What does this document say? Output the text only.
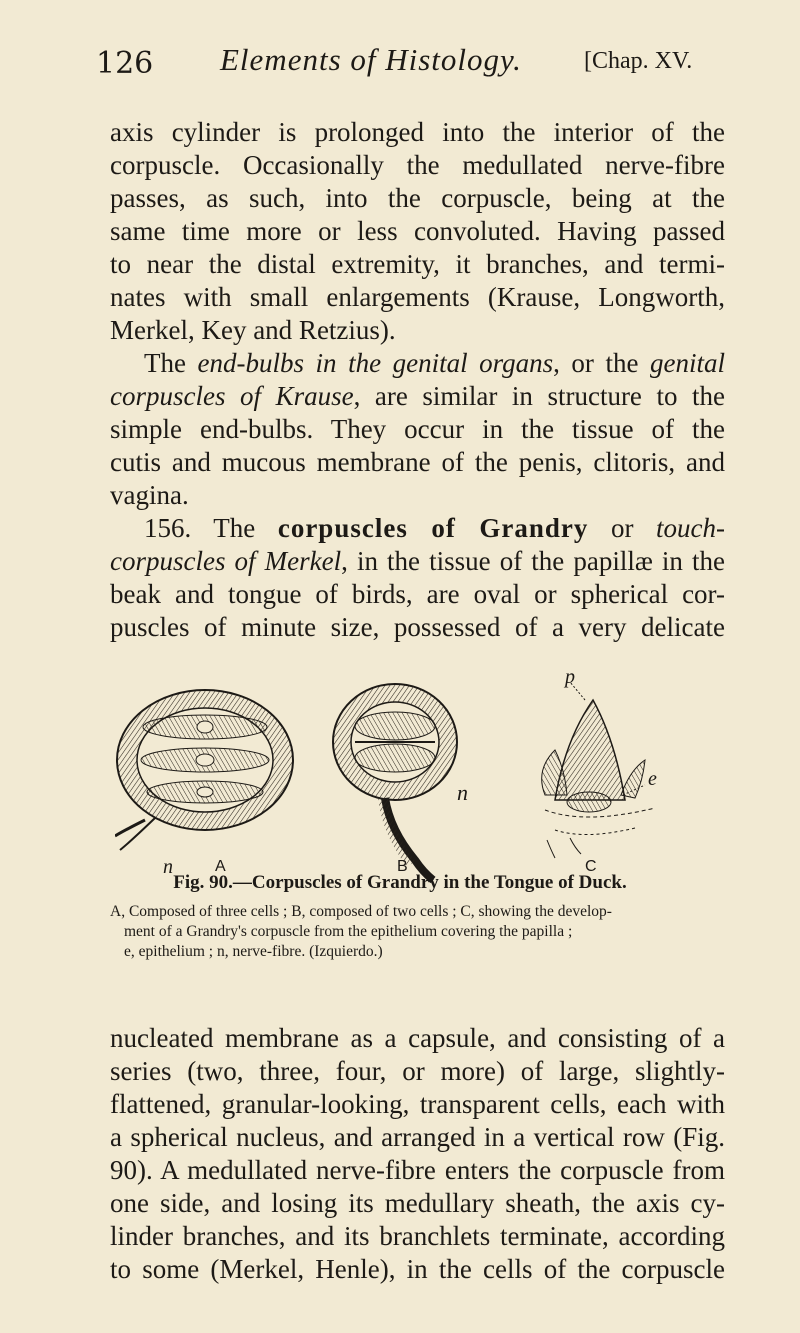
126 Elements of Histology.	[Chap. XV.
axis cylinder is prolonged into the interior of the
corpuscle. Occasionally the medullated nerve-fibre
passes, as such, into the corpuscle, being at the
same time more or less convoluted. Having passed
to near the distal extremity, it branches, and termi-
nates with small enlargements (Krause, Longworth,
Merkel, Key and Retzius).
The end-bulbs in the genital organs, or the genital
corpuscles of Krause, are similar in structure to the
simple end-bulbs. They occur in the tissue of the
cutis and mucous membrane of the penis, clitoris, and
vagina.
156. The corpuscles of Grandry or touch-
corpuscles of Merkel, in the tissue of the papillæ in the
beak and tongue of birds, are oval or spherical cor-
puscles of minute size, possessed of a very delicate
n	A	B
n
C
p
e
Fig. 90.—Corpuscles of Grandry in the Tongue of Duck.
A, Composed of three cells ; B, composed of two cells ; C, showing the develop-
ment of a Grandry's corpuscle from the epithelium covering the papilla ;
e, epithelium ; n, nerve-fibre. (Izquierdo.)
nucleated membrane as a capsule, and consisting of a
series (two, three, four, or more) of large, slightly-
flattened, granular-looking, transparent cells, each with
a spherical nucleus, and arranged in a vertical row (Fig.
90). A medullated nerve-fibre enters the corpuscle from
one side, and losing its medullary sheath, the axis cy-
linder branches, and its branchlets terminate, according
to some (Merkel, Henle), in the cells of the corpuscle
